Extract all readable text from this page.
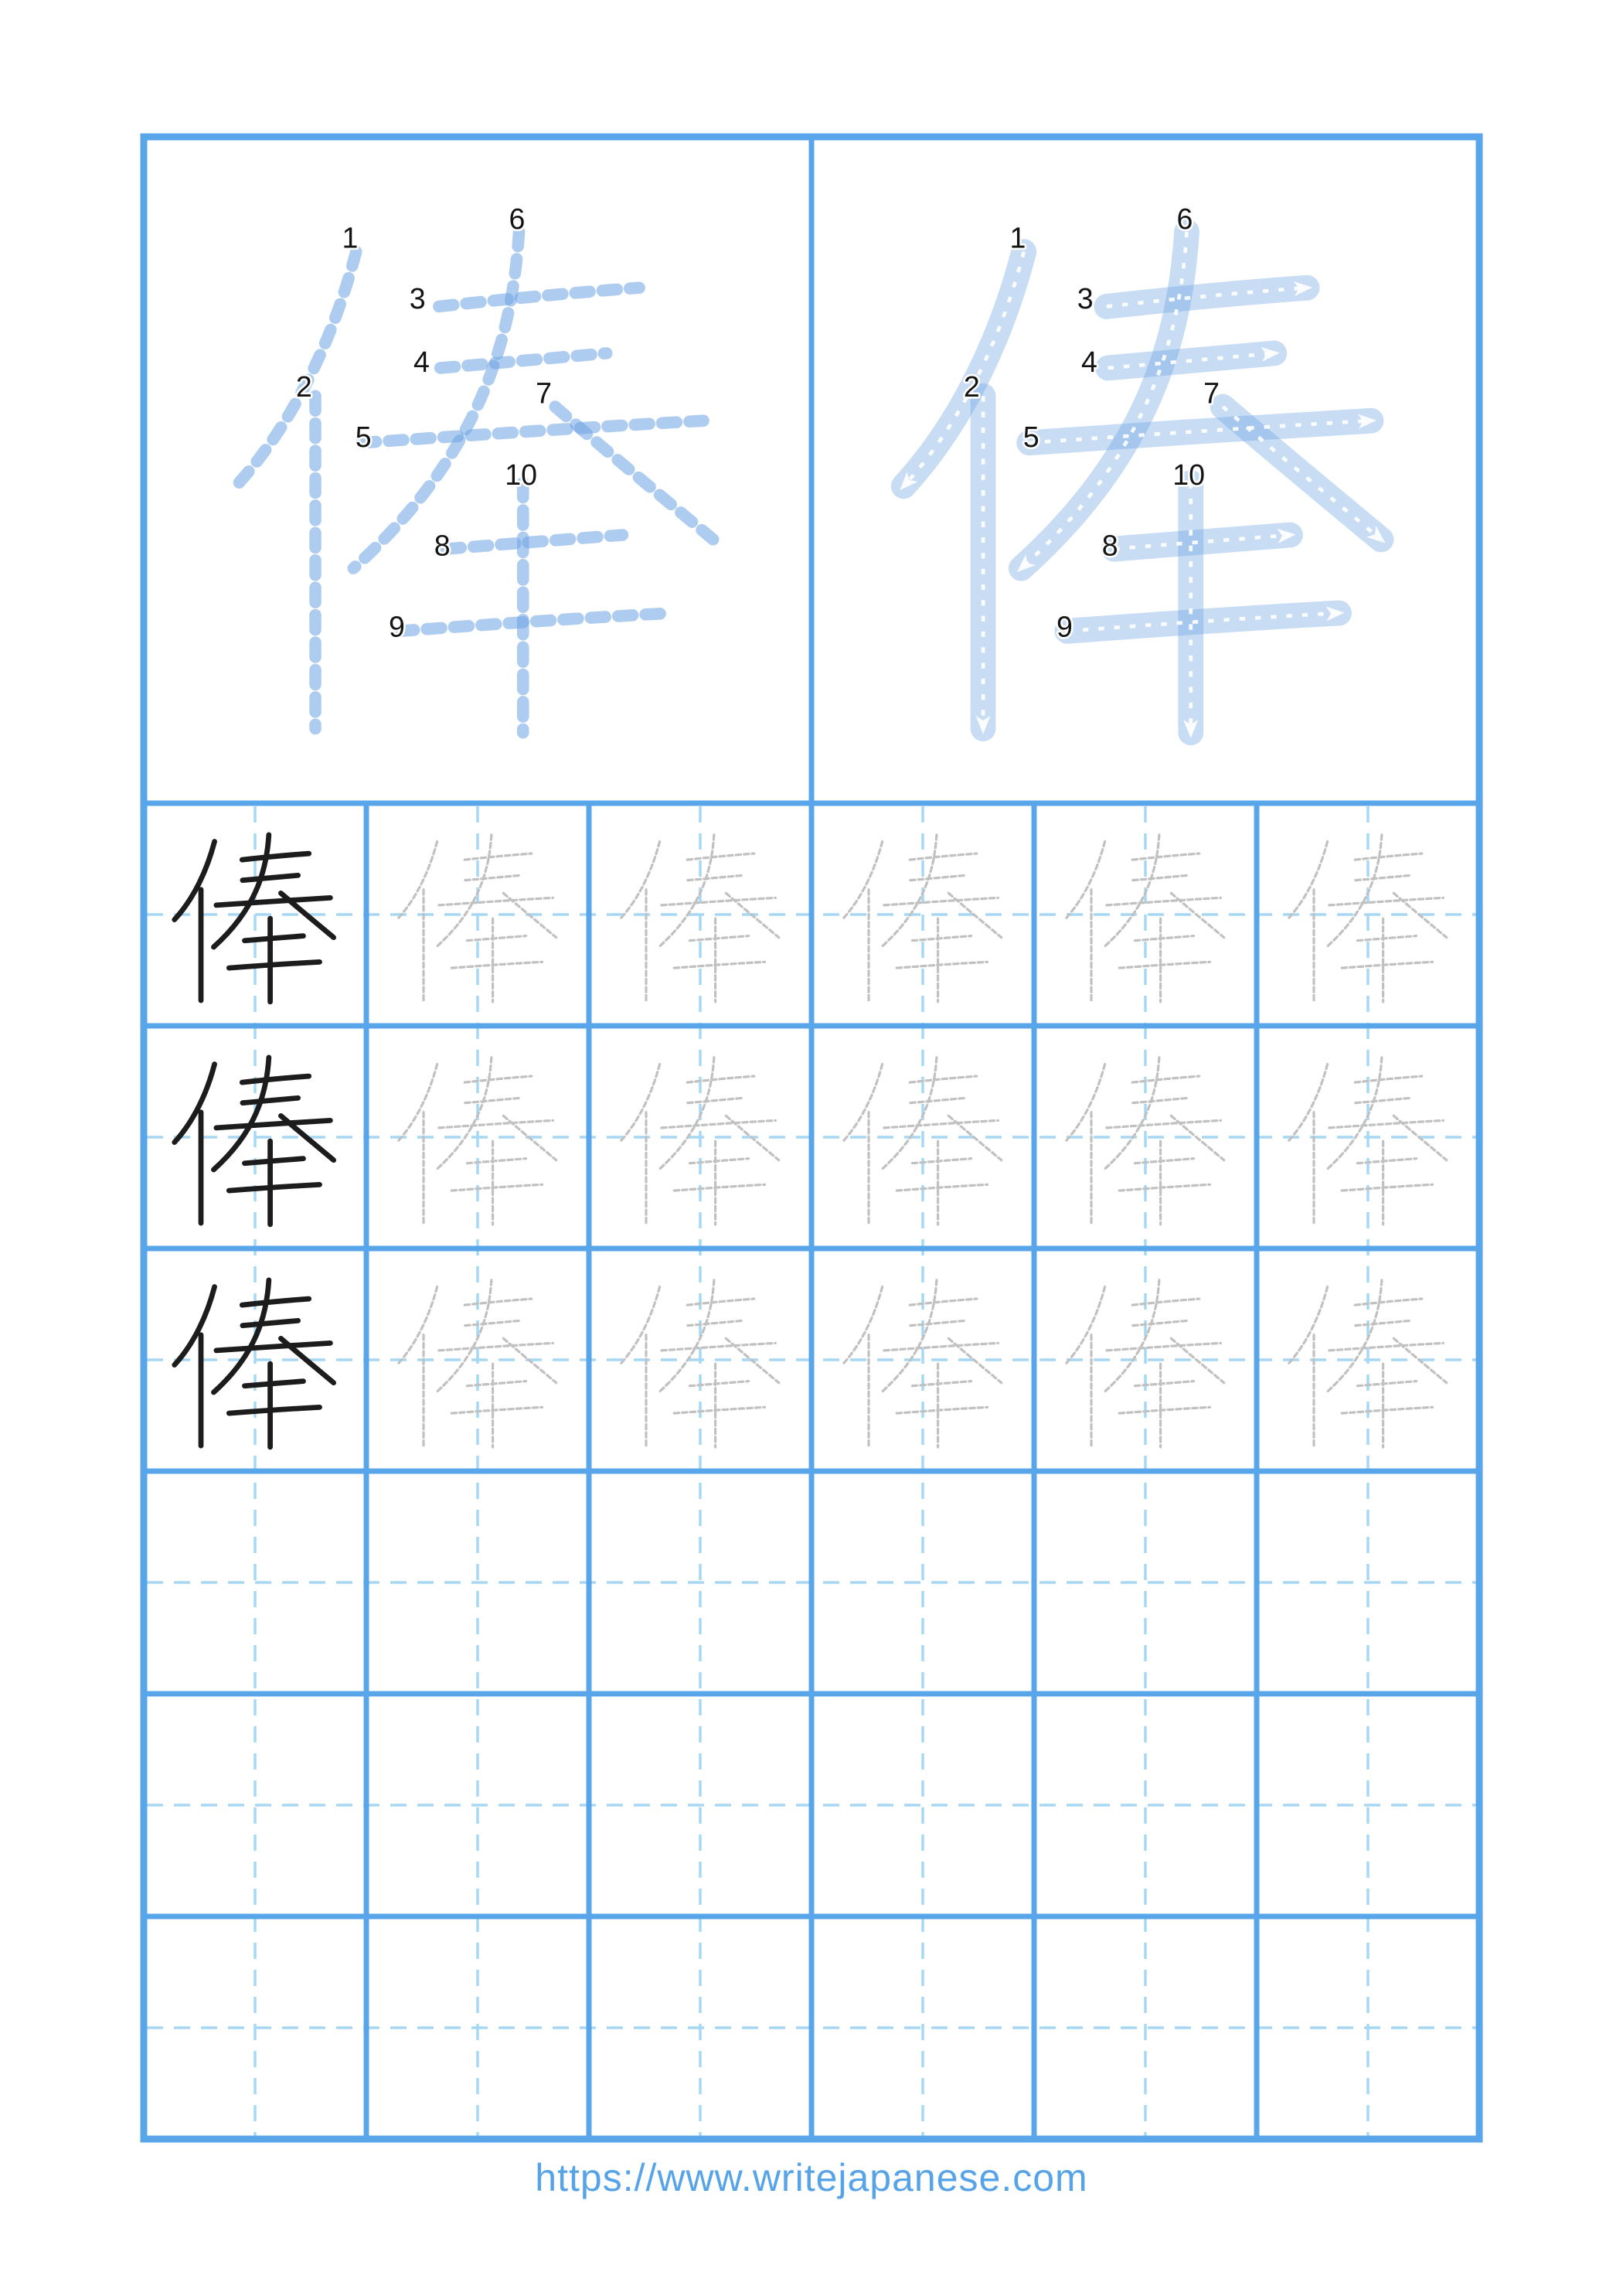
1
2
3
4
5
6
7
8
9
10
1
2
3
4
5
6
7
8
9
10
https://www.writejapanese.com
